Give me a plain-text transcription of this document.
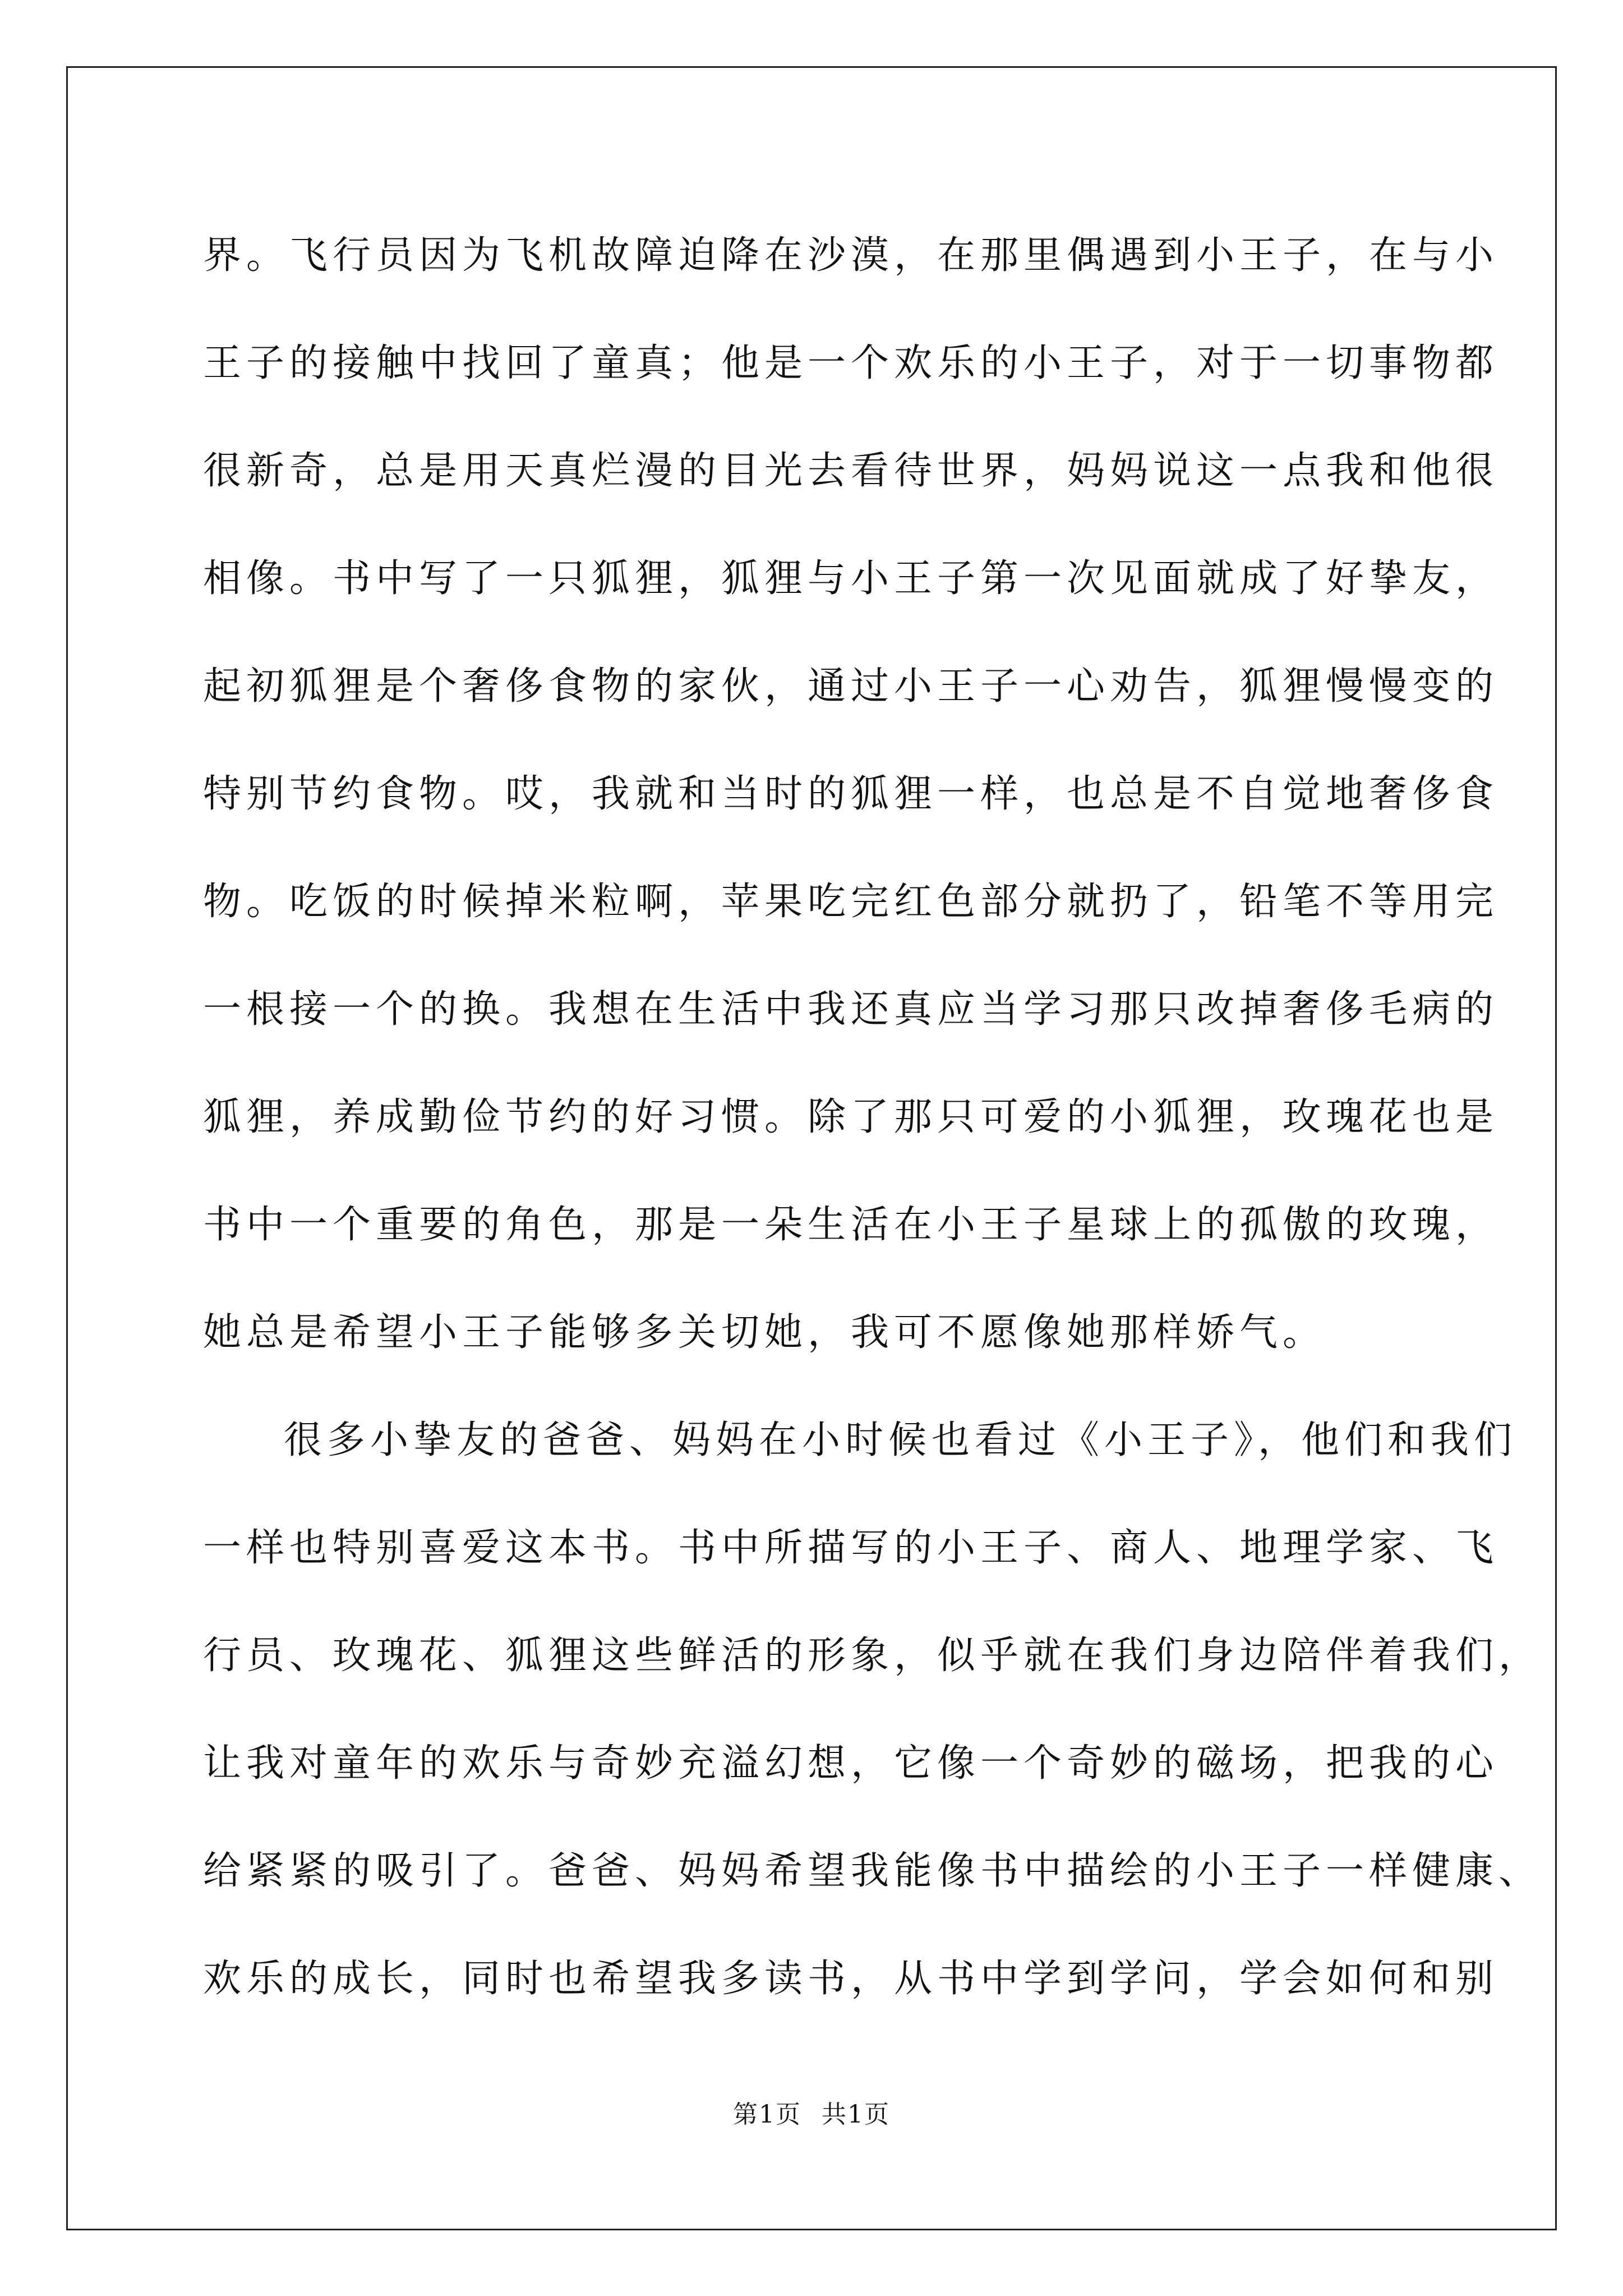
界。飞行员因为飞机故障迫降在沙漠，在那里偶遇到小王子，在与小
王子的接触中找回了童真；他是一个欢乐的小王子，对于一切事物都
很新奇，总是用天真烂漫的目光去看待世界，妈妈说这一点我和他很
相像。书中写了一只狐狸，狐狸与小王子第一次见面就成了好挚友，
起初狐狸是个奢侈食物的家伙，通过小王子一心劝告，狐狸慢慢变的
特别节约食物。哎，我就和当时的狐狸一样，也总是不自觉地奢侈食
物。吃饭的时候掉米粒啊，苹果吃完红色部分就扔了，铅笔不等用完
一根接一个的换。我想在生活中我还真应当学习那只改掉奢侈毛病的
狐狸，养成勤俭节约的好习惯。除了那只可爱的小狐狸，玫瑰花也是
书中一个重要的角色，那是一朵生活在小王子星球上的孤傲的玫瑰，
她总是希望小王子能够多关切她，我可不愿像她那样娇气。
很多小挚友的爸爸、妈妈在小时候也看过《小王子》，他们和我们
一样也特别喜爱这本书。书中所描写的小王子、商人、地理学家、飞
行员、玫瑰花、狐狸这些鲜活的形象，似乎就在我们身边陪伴着我们，
让我对童年的欢乐与奇妙充溢幻想，它像一个奇妙的磁场，把我的心
给紧紧的吸引了。爸爸、妈妈希望我能像书中描绘的小王子一样健康、
欢乐的成长，同时也希望我多读书，从书中学到学问，学会如何和别
第1页 共1页
